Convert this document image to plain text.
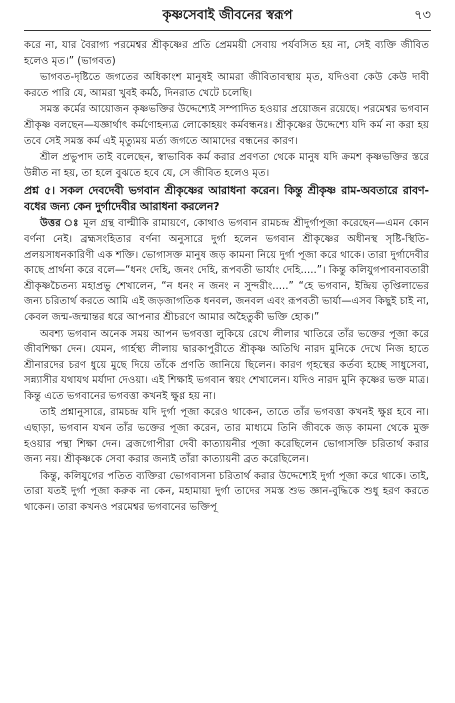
কৃষ্ণসেবাই জীবনের স্বরূপ	৭৩

করে না, যার বৈরাগ্য পরমেশ্বর শ্রীকৃষ্ণের প্রতি প্রেমময়ী সেবায় পর্যবসিত হয় না, সেই ব্যক্তি জীবিত হলেও মৃত।” (ভাগবত)

ভাগবত-দৃষ্টিতে জগতের অধিকাংশ মানুষই আমরা জীবিতাবস্থায় মৃত, যদিওবা কেউ কেউ দাবী করতে পারি যে, আমরা খুবই কর্মঠ, দিনরাত খেটে চলেছি।

সমস্ত কর্মের আয়োজন কৃষ্ণভক্তির উদ্দেশ্যেই সম্পাদিত হওয়ার প্রয়োজন রয়েছে। পরমেশ্বর ভগবান শ্রীকৃষ্ণ বলছেন—যজ্ঞার্থাৎ কর্মণোহন্যত্র লোকোহয়ং কর্মবন্ধনঃ। শ্রীকৃষ্ণের উদ্দেশ্যে যদি কর্ম না করা হয় তবে সেই সমস্ত কর্ম এই মৃত্যুময় মর্ত্য জগতে আমাদের বন্ধনের কারণ।

শ্রীল প্রভুপাদ তাই বলেছেন, স্বাভাবিক কর্ম করার প্রবণতা থেকে মানুষ যদি ক্রমশ কৃষ্ণভক্তির স্তরে উন্নীত না হয়, তা হলে বুঝতে হবে যে, সে জীবিত হলেও মৃত।

প্রশ্ন ৫। সকল দেবদেবী ভগবান শ্রীকৃষ্ণের আরাধনা করেন। কিন্তু শ্রীকৃষ্ণ রাম-অবতারে রাবণ-বধের জন্য কেন দুর্গাদেবীর আরাধনা করলেন?

উত্তর ঃ মূল গ্রন্থ বাল্মীকি রামায়ণে, কোথাও ভগবান রামচন্দ্র শ্রীদুর্গাপূজা করেছেন—এমন কোন বর্ণনা নেই। ব্রহ্মসংহিতার বর্ণনা অনুসারে দুর্গা হলেন ভগবান শ্রীকৃষ্ণের অধীনস্থ সৃষ্টি-স্থিতি-প্রলয়সাধনকারিণী এক শক্তি। ভোগাসক্ত মানুষ জড় কামনা নিয়ে দুর্গা পূজা করে থাকে। তারা দুর্গাদেবীর কাছে প্রার্থনা করে বলে—“ধনং দেহি, জনং দেহি, রূপবতী ভার্যাং দেহি.....”। কিন্তু কলিযুগপাবনাবতারী শ্রীকৃষ্ণচৈতন্য মহাপ্রভু শেখালেন, “ন ধনং ন জনং ন সুন্দরীং.....” “হে ভগবান, ইন্দ্রিয় তৃপ্তিলাভের জন্য চরিতার্থ করতে আমি এই জড়জাগতিক ধনবল, জনবল এবং রূপবতী ভার্যা—এসব কিছুই চাই না, কেবল জন্ম-জন্মান্তর ধরে আপনার শ্রীচরণে আমার অহৈতুকী ভক্তি হোক।”

অবশ্য ভগবান অনেক সময় আপন ভগবত্তা লুকিয়ে রেখে লীলার খাতিরে তাঁর ভক্তের পূজা করে জীবশিক্ষা দেন। যেমন, গার্হস্থ্য লীলায় দ্বারকাপুরীতে শ্রীকৃষ্ণ অতিথি নারদ মুনিকে দেখে নিজ হাতে শ্রীনারদের চরণ ধুয়ে মুছে দিয়ে তাঁকে প্রণতি জানিয়ে ছিলেন। কারণ গৃহস্থের কর্তব্য হচ্ছে সাধুসেবা, সন্ন্যাসীর যথাযথ মর্যাদা দেওয়া। এই শিক্ষাই ভগবান স্বয়ং শেখালেন। যদিও নারদ মুনি কৃষ্ণের ভক্ত মাত্র। কিন্তু এতে ভগবানের ভগবত্তা কখনই ক্ষুণ্ণ হয় না।

তাই প্রশ্নানুসারে, রামচন্দ্র যদি দুর্গা পূজা করেও থাকেন, তাতে তাঁর ভগবত্তা কখনই ক্ষুণ্ণ হবে না। এছাড়া, ভগবান যখন তাঁর ভক্তের পূজা করেন, তার মাধ্যমে তিনি জীবকে জড় কামনা থেকে মুক্ত হওয়ার পন্থা শিক্ষা দেন। ব্রজগোপীরা দেবী কাত্যায়নীর পূজা করেছিলেন ভোগাসক্তি চরিতার্থ করার জন্য নয়। শ্রীকৃষ্ণকে সেবা করার জন্যই তাঁরা কাত্যায়নী ব্রত করেছিলেন।

কিন্তু, কলিযুগের পতিত ব্যক্তিরা ভোগবাসনা চরিতার্থ করার উদ্দেশ্যেই দুর্গা পূজা করে থাকে। তাই, তারা যতই দুর্গা পূজা করুক না কেন, মহামায়া দুর্গা তাদের সমস্ত শুভ জ্ঞান-বুদ্ধিকে শুধু হরণ করতে থাকেন। তারা কখনও পরমেশ্বর ভগবানের ভক্তিপূ
